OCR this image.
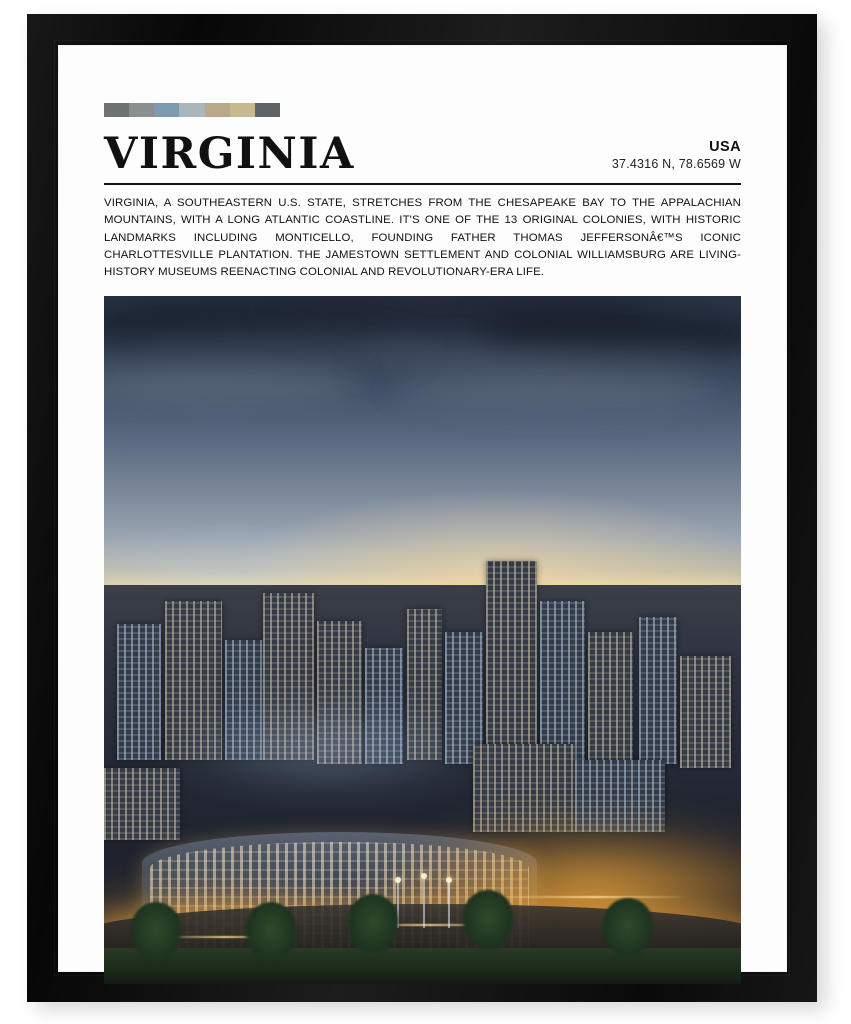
VIRGINIA	USA
37.4316 N, 78.6569 W

VIRGINIA, A SOUTHEASTERN U.S. STATE, STRETCHES FROM THE CHESAPEAKE BAY TO THE APPALACHIAN MOUNTAINS, WITH A LONG ATLANTIC COASTLINE. IT'S ONE OF THE 13 ORIGINAL COLONIES, WITH HISTORIC LANDMARKS INCLUDING MONTICELLO, FOUNDING FATHER THOMAS JEFFERSONÂ€™S ICONIC CHARLOTTESVILLE PLANTATION. THE JAMESTOWN SETTLEMENT AND COLONIAL WILLIAMSBURG ARE LIVING-HISTORY MUSEUMS REENACTING COLONIAL AND REVOLUTIONARY-ERA LIFE.
